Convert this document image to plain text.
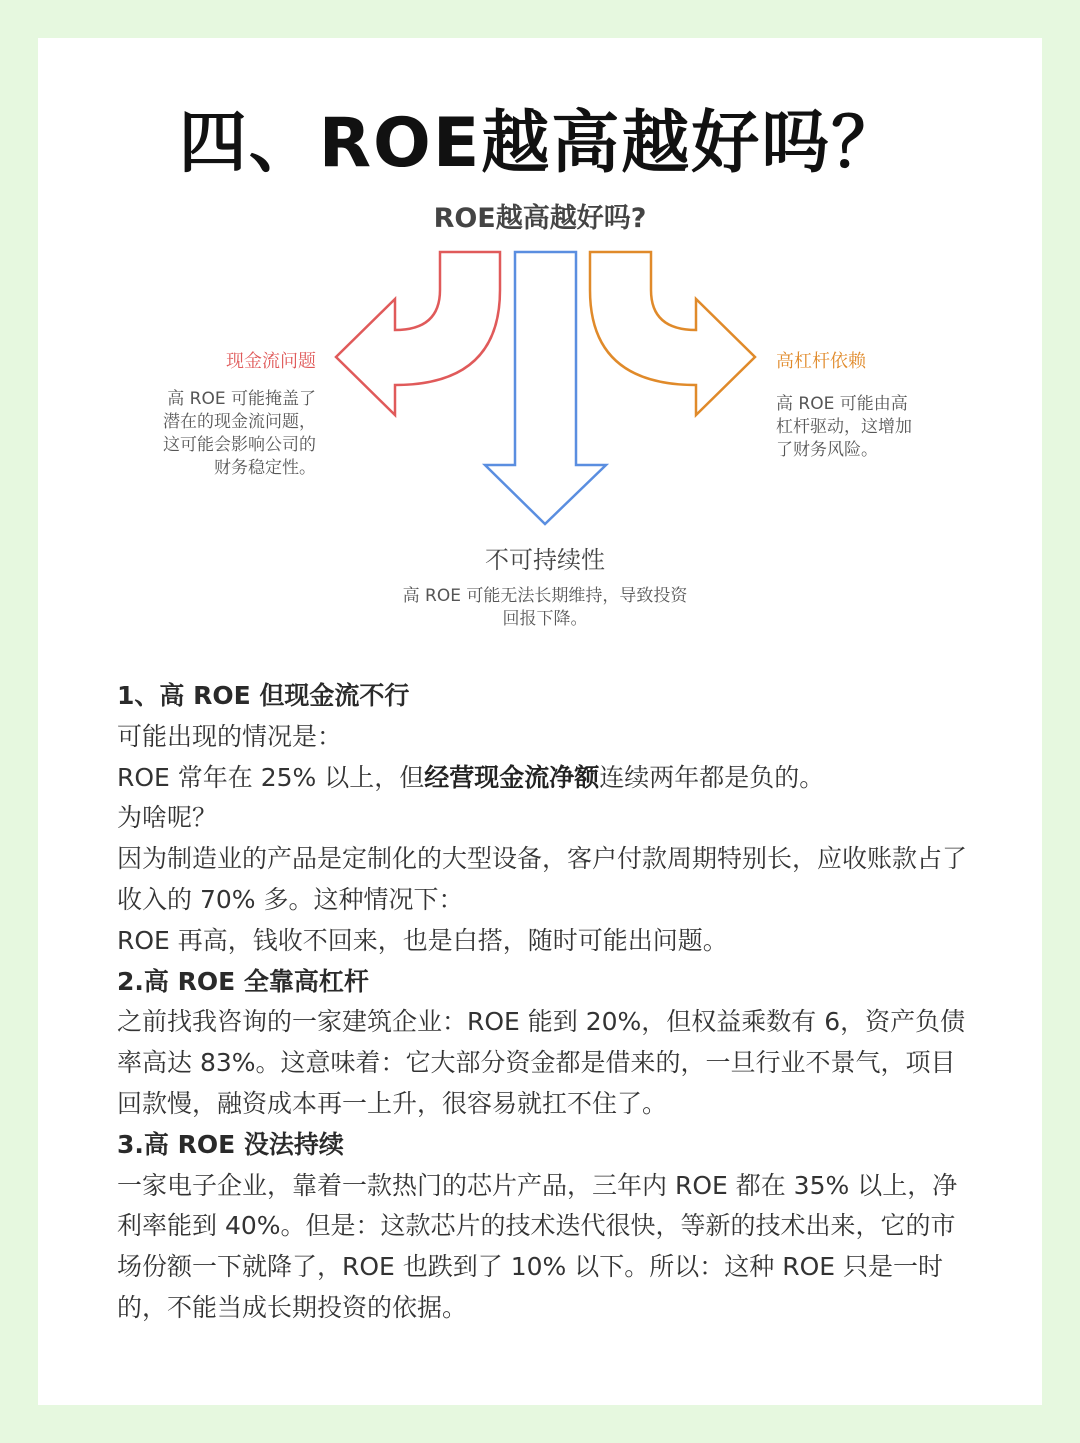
四、ROE越高越好吗？

ROE越高越好吗?

现金流问题

高 ROE 可能掩盖了
潜在的现金流问题，
这可能会影响公司的
财务稳定性。

高杠杆依赖

高 ROE 可能由高
杠杆驱动，这增加
了财务风险。

不可持续性

高 ROE 可能无法长期维持，导致投资
回报下降。

1、高 ROE 但现金流不行

可能出现的情况是：

ROE 常年在 25% 以上，但经营现金流净额连续两年都是负的。

为啥呢？

因为制造业的产品是定制化的大型设备，客户付款周期特别长，应收账款占了收入的 70% 多。这种情况下：

ROE 再高，钱收不回来，也是白搭，随时可能出问题。

2.高 ROE 全靠高杠杆

之前找我咨询的一家建筑企业：ROE 能到 20%，但权益乘数有 6，资产负债率高达 83%。这意味着：它大部分资金都是借来的，一旦行业不景气，项目回款慢，融资成本再一上升，很容易就扛不住了。

3.高 ROE 没法持续

一家电子企业，靠着一款热门的芯片产品，三年内 ROE 都在 35% 以上，净利率能到 40%。但是：这款芯片的技术迭代很快，等新的技术出来，它的市场份额一下就降了，ROE 也跌到了 10% 以下。所以：这种 ROE 只是一时的，不能当成长期投资的依据。
